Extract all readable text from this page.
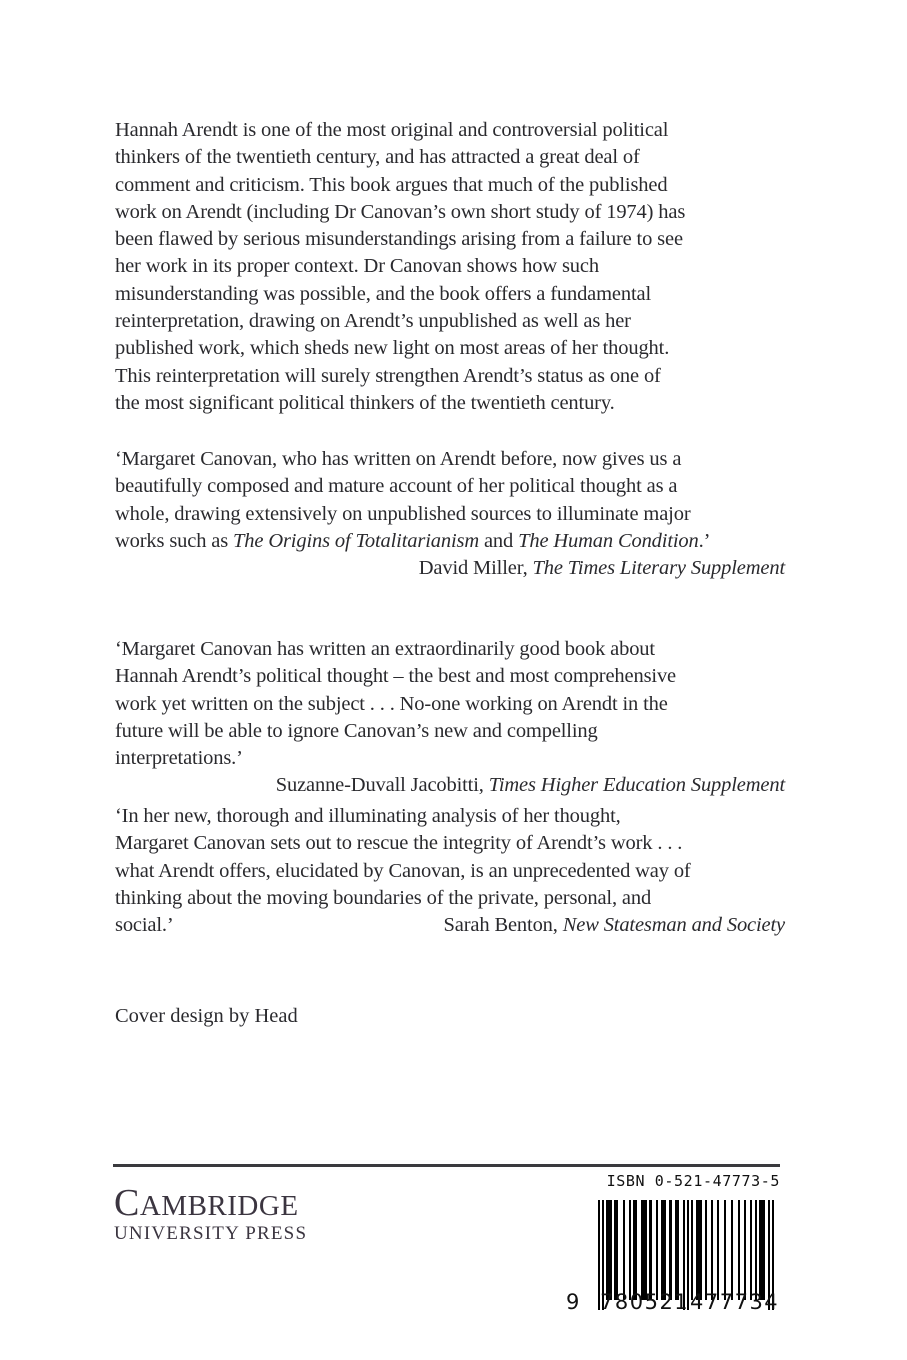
Hannah Arendt is one of the most original and controversial political
thinkers of the twentieth century, and has attracted a great deal of
comment and criticism. This book argues that much of the published
work on Arendt (including Dr Canovan’s own short study of 1974) has
been flawed by serious misunderstandings arising from a failure to see
her work in its proper context. Dr Canovan shows how such
misunderstanding was possible, and the book offers a fundamental
reinterpretation, drawing on Arendt’s unpublished as well as her
published work, which sheds new light on most areas of her thought.
This reinterpretation will surely strengthen Arendt’s status as one of
the most significant political thinkers of the twentieth century.
‘Margaret Canovan, who has written on Arendt before, now gives us a
beautifully composed and mature account of her political thought as a
whole, drawing extensively on unpublished sources to illuminate major
works such as The Origins of Totalitarianism and The Human Condition.’
David Miller, The Times Literary Supplement
‘Margaret Canovan has written an extraordinarily good book about
Hannah Arendt’s political thought – the best and most comprehensive
work yet written on the subject . . . No-one working on Arendt in the
future will be able to ignore Canovan’s new and compelling
interpretations.’
Suzanne-Duvall Jacobitti, Times Higher Education Supplement
‘In her new, thorough and illuminating analysis of her thought,
Margaret Canovan sets out to rescue the integrity of Arendt’s work . . .
what Arendt offers, elucidated by Canovan, is an unprecedented way of
thinking about the moving boundaries of the private, personal, and
social.’	Sarah Benton, New Statesman and Society
Cover design by Head
CAMBRIDGE
UNIVERSITY PRESS
ISBN 0-521-47773-5
9 780521 477734
